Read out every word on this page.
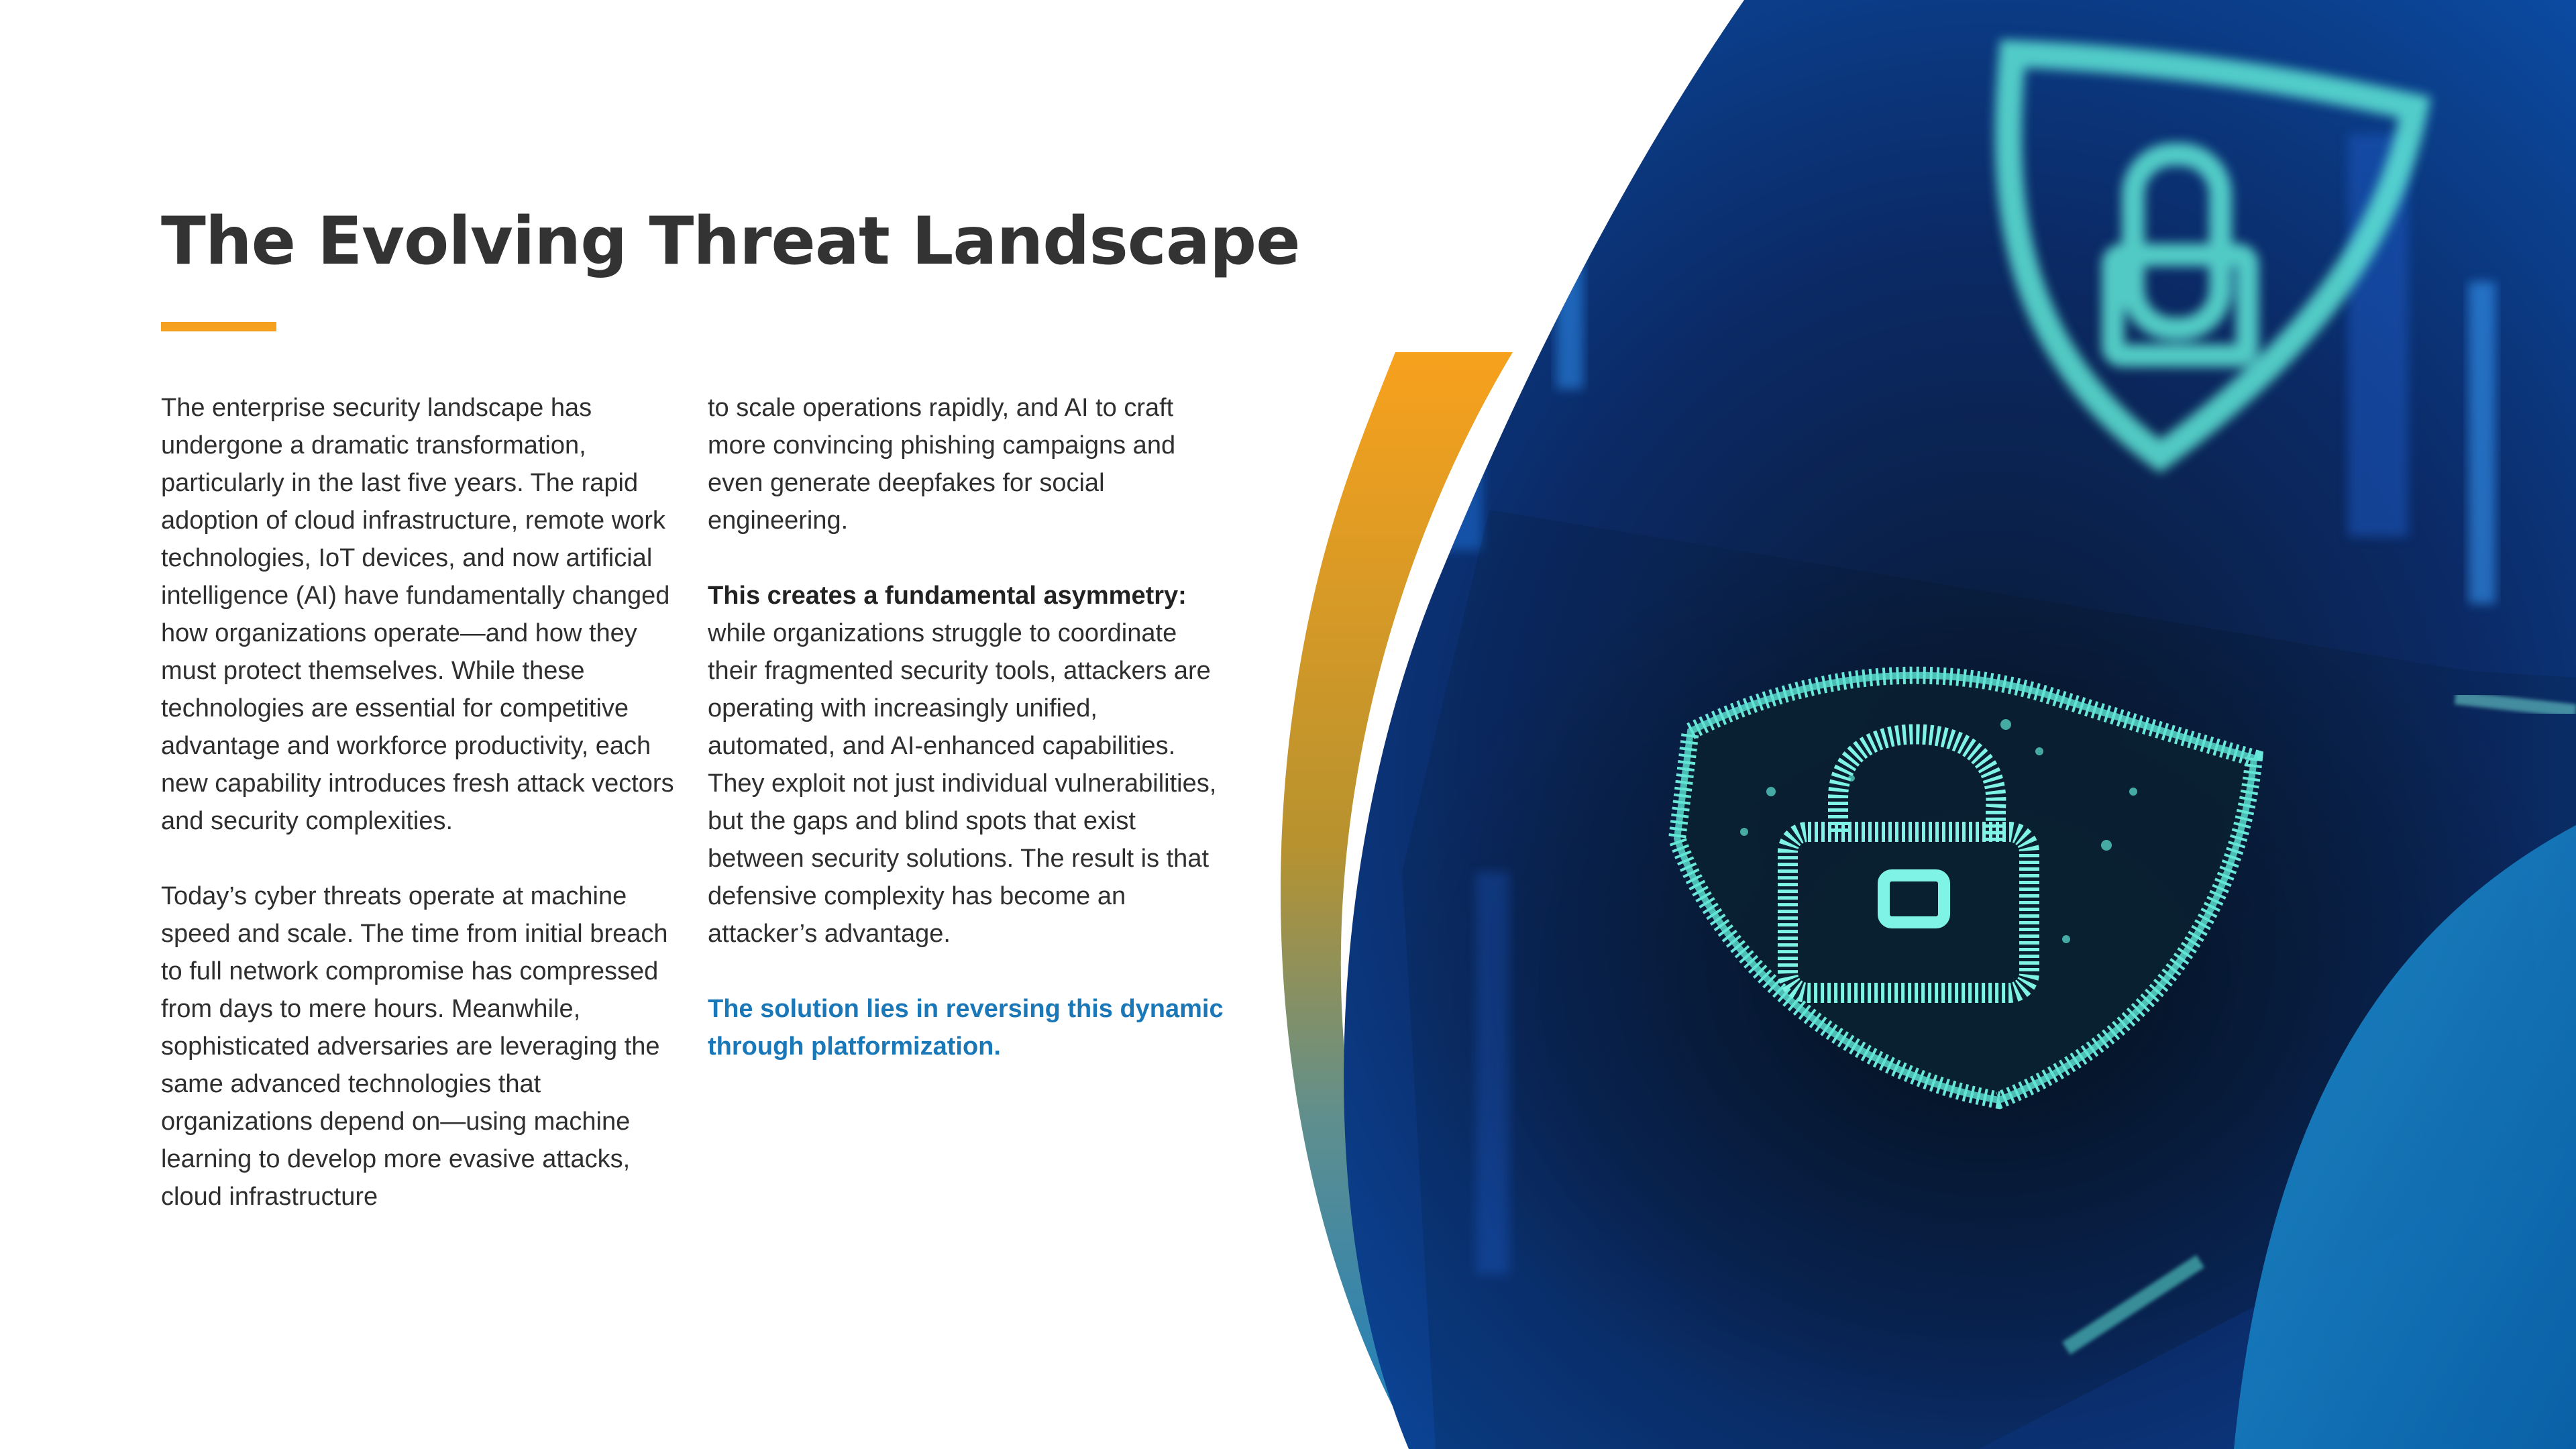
The Evolving Threat Landscape

The enterprise security landscape has undergone a dramatic transformation, particularly in the last five years. The rapid adoption of cloud infrastructure, remote work technologies, IoT devices, and now artificial intelligence (AI) have fundamentally changed how organizations operate—and how they must protect themselves. While these technologies are essential for competitive advantage and workforce productivity, each new capability introduces fresh attack vectors and security complexities.

Today’s cyber threats operate at machine speed and scale. The time from initial breach to full network compromise has compressed from days to mere hours. Meanwhile, sophisticated adversaries are leveraging the same advanced technologies that organizations depend on—using machine learning to develop more evasive attacks, cloud infrastructure

to scale operations rapidly, and AI to craft more convincing phishing campaigns and even generate deepfakes for social engineering.

This creates a fundamental asymmetry: while organizations struggle to coordinate their fragmented security tools, attackers are operating with increasingly unified, automated, and AI-enhanced capabilities. They exploit not just individual vulnerabilities, but the gaps and blind spots that exist between security solutions. The result is that defensive complexity has become an attacker’s advantage.

The solution lies in reversing this dynamic through platformization.
